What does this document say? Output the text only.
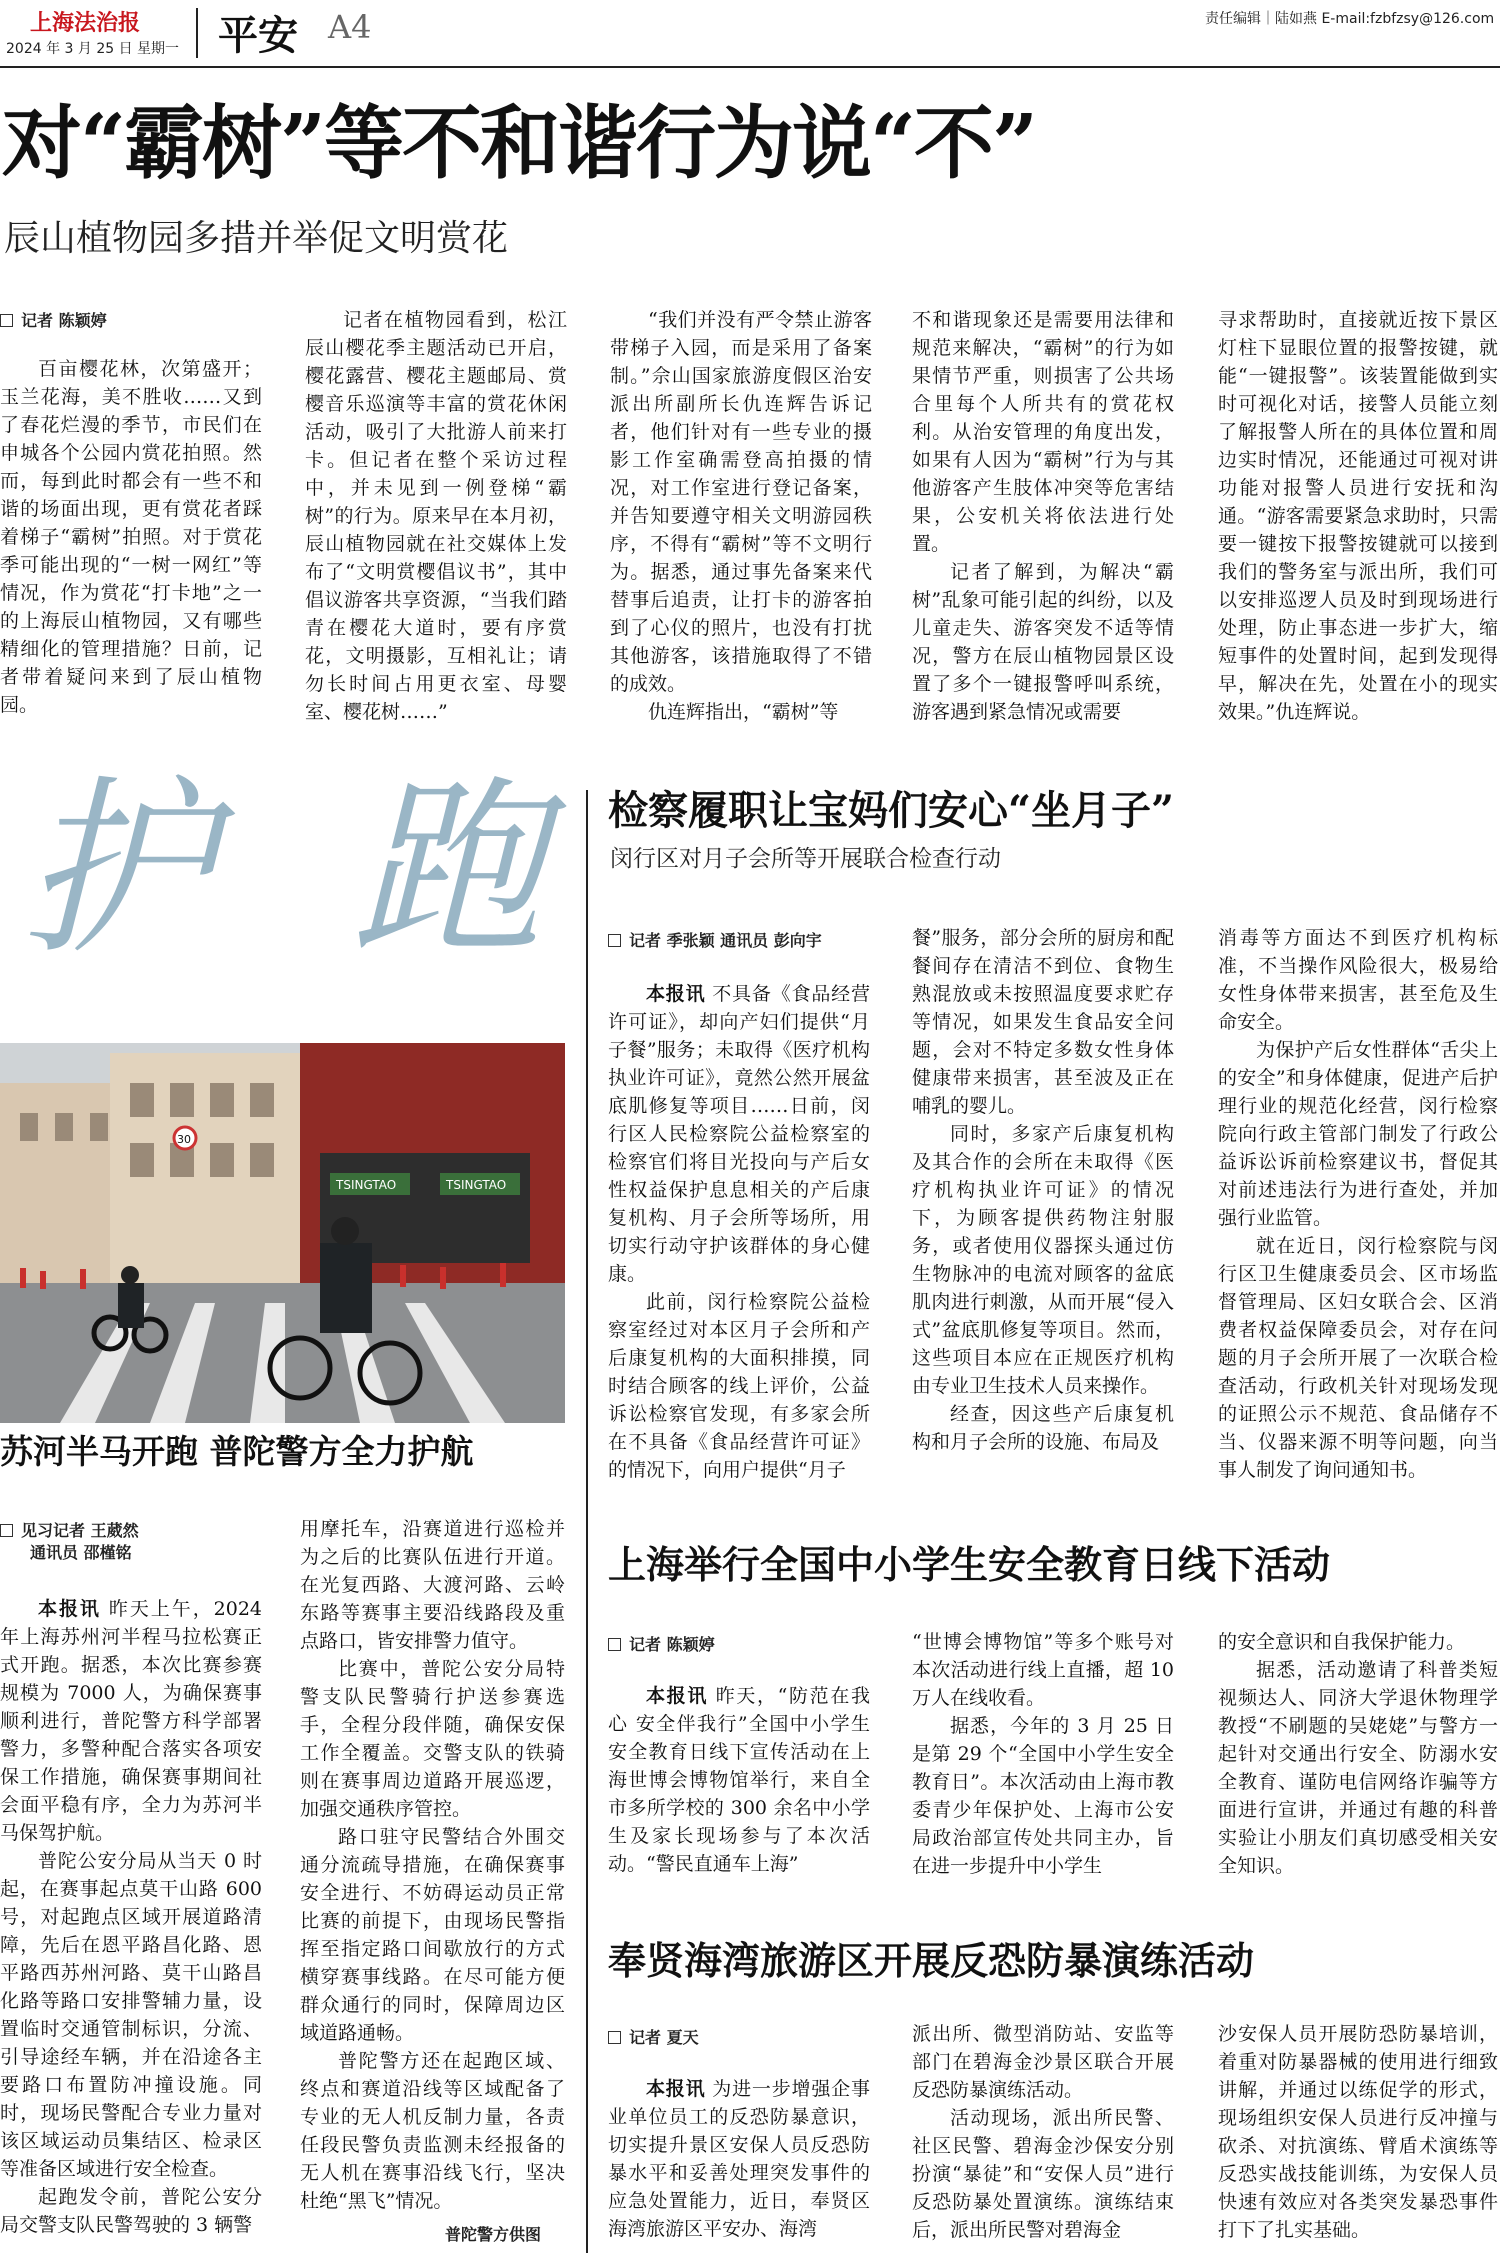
上海法治报
2024 年 3 月 25 日 星期一 平安 A4	责任编辑｜陆如燕 E-mail:fzbfzsy@126.com
对“霸树”等不和谐行为说“不”
辰山植物园多措并举促文明赏花
记者 陈颖婷

百亩樱花林，次第盛开；玉兰花海，美不胜收……又到了春花烂漫的季节，市民们在申城各个公园内赏花拍照。然而，每到此时都会有一些不和谐的场面出现，更有赏花者踩着梯子“霸树”拍照。对于赏花季可能出现的“一树一网红”等情况，作为赏花“打卡地”之一的上海辰山植物园，又有哪些精细化的管理措施？日前，记者带着疑问来到了辰山植物园。

记者在植物园看到，松江辰山樱花季主题活动已开启，樱花露营、樱花主题邮局、赏樱音乐巡演等丰富的赏花休闲活动，吸引了大批游人前来打卡。但记者在整个采访过程中，并未见到一例登梯“霸树”的行为。原来早在本月初，辰山植物园就在社交媒体上发布了“文明赏樱倡议书”，其中倡议游客共享资源，“当我们踏青在樱花大道时，要有序赏花，文明摄影，互相礼让；请勿长时间占用更衣室、母婴室、樱花树……”

“我们并没有严令禁止游客带梯子入园，而是采用了备案制。”佘山国家旅游度假区治安派出所副所长仇连辉告诉记者，他们针对有一些专业的摄影工作室确需登高拍摄的情况，对工作室进行登记备案，并告知要遵守相关文明游园秩序，不得有“霸树”等不文明行为。据悉，通过事先备案来代替事后追责，让打卡的游客拍到了心仪的照片，也没有打扰其他游客，该措施取得了不错的成效。

仇连辉指出，“霸树”等

不和谐现象还是需要用法律和规范来解决，“霸树”的行为如果情节严重，则损害了公共场合里每个人所共有的赏花权利。从治安管理的角度出发，如果有人因为“霸树”行为与其他游客产生肢体冲突等危害结果，公安机关将依法进行处置。

记者了解到，为解决“霸树”乱象可能引起的纠纷，以及儿童走失、游客突发不适等情况，警方在辰山植物园景区设置了多个一键报警呼叫系统，游客遇到紧急情况或需要

寻求帮助时，直接就近按下景区灯柱下显眼位置的报警按键，就能“一键报警”。该装置能做到实时可视化对话，接警人员能立刻了解报警人所在的具体位置和周边实时情况，还能通过可视对讲功能对报警人员进行安抚和沟通。“游客需要紧急求助时，只需要一键按下报警按键就可以接到我们的警务室与派出所，我们可以安排巡逻人员及时到现场进行处理，防止事态进一步扩大，缩短事件的处置时间，起到发现得早，解决在先，处置在小的现实效果。”仇连辉说。

护 跑
TSINGTAO	TSINGTAO
30
苏河半马开跑 普陀警方全力护航
见习记者 王葳然
通讯员 邵槿铭

本报讯 昨天上午，2024年上海苏州河半程马拉松赛正式开跑。据悉，本次比赛参赛规模为 7000 人，为确保赛事顺利进行，普陀警方科学部署警力，多警种配合落实各项安保工作措施，确保赛事期间社会面平稳有序，全力为苏河半马保驾护航。

普陀公安分局从当天 0 时起，在赛事起点莫干山路 600 号，对起跑点区域开展道路清障，先后在恩平路昌化路、恩平路西苏州河路、莫干山路昌化路等路口安排警辅力量，设置临时交通管制标识，分流、引导途经车辆，并在沿途各主要路口布置防冲撞设施。同时，现场民警配合专业力量对该区域运动员集结区、检录区等准备区域进行安全检查。

起跑发令前，普陀公安分局交警支队民警驾驶的 3 辆警

用摩托车，沿赛道进行巡检并为之后的比赛队伍进行开道。在光复西路、大渡河路、云岭东路等赛事主要沿线路段及重点路口，皆安排警力值守。

比赛中，普陀公安分局特警支队民警骑行护送参赛选手，全程分段伴随，确保安保工作全覆盖。交警支队的铁骑则在赛事周边道路开展巡逻，加强交通秩序管控。

路口驻守民警结合外围交通分流疏导措施，在确保赛事安全进行、不妨碍运动员正常比赛的前提下，由现场民警指挥至指定路口间歇放行的方式横穿赛事线路。在尽可能方便群众通行的同时，保障周边区域道路通畅。

普陀警方还在起跑区域、终点和赛道沿线等区域配备了专业的无人机反制力量，各责任段民警负责监测未经报备的无人机在赛事沿线飞行，坚决杜绝“黑飞”情况。

普陀警方供图
检察履职让宝妈们安心“坐月子”
闵行区对月子会所等开展联合检查行动
记者 季张颖 通讯员 彭向宇

本报讯 不具备《食品经营许可证》，却向产妇们提供“月子餐”服务；未取得《医疗机构执业许可证》，竟然公然开展盆底肌修复等项目……日前，闵行区人民检察院公益检察室的检察官们将目光投向与产后女性权益保护息息相关的产后康复机构、月子会所等场所，用切实行动守护该群体的身心健康。

此前，闵行检察院公益检察室经过对本区月子会所和产后康复机构的大面积排摸，同时结合顾客的线上评价，公益诉讼检察官发现，有多家会所在不具备《食品经营许可证》的情况下，向用户提供“月子

餐”服务，部分会所的厨房和配餐间存在清洁不到位、食物生熟混放或未按照温度要求贮存等情况，如果发生食品安全问题，会对不特定多数女性身体健康带来损害，甚至波及正在哺乳的婴儿。

同时，多家产后康复机构及其合作的会所在未取得《医疗机构执业许可证》的情况下，为顾客提供药物注射服务，或者使用仪器探头通过仿生物脉冲的电流对顾客的盆底肌肉进行刺激，从而开展“侵入式”盆底肌修复等项目。然而，这些项目本应在正规医疗机构由专业卫生技术人员来操作。

经查，因这些产后康复机构和月子会所的设施、布局及

消毒等方面达不到医疗机构标准，不当操作风险很大，极易给女性身体带来损害，甚至危及生命安全。

为保护产后女性群体“舌尖上的安全”和身体健康，促进产后护理行业的规范化经营，闵行检察院向行政主管部门制发了行政公益诉讼诉前检察建议书，督促其对前述违法行为进行查处，并加强行业监管。

就在近日，闵行检察院与闵行区卫生健康委员会、区市场监督管理局、区妇女联合会、区消费者权益保障委员会，对存在问题的月子会所开展了一次联合检查活动，行政机关针对现场发现的证照公示不规范、食品储存不当、仪器来源不明等问题，向当事人制发了询问通知书。

上海举行全国中小学生安全教育日线下活动
记者 陈颖婷

本报讯 昨天，“防范在我心 安全伴我行”全国中小学生安全教育日线下宣传活动在上海世博会博物馆举行，来自全市多所学校的 300 余名中小学生及家长现场参与了本次活动。“警民直通车上海”

“世博会博物馆”等多个账号对本次活动进行线上直播，超 10 万人在线收看。

据悉，今年的 3 月 25 日是第 29 个“全国中小学生安全教育日”。本次活动由上海市教委青少年保护处、上海市公安局政治部宣传处共同主办，旨在进一步提升中小学生

的安全意识和自我保护能力。

据悉，活动邀请了科普类短视频达人、同济大学退休物理学教授“不刷题的吴姥姥”与警方一起针对交通出行安全、防溺水安全教育、谨防电信网络诈骗等方面进行宣讲，并通过有趣的科普实验让小朋友们真切感受相关安全知识。

奉贤海湾旅游区开展反恐防暴演练活动
记者 夏天

本报讯 为进一步增强企事业单位员工的反恐防暴意识，切实提升景区安保人员反恐防暴水平和妥善处理突发事件的应急处置能力，近日，奉贤区海湾旅游区平安办、海湾

派出所、微型消防站、安监等部门在碧海金沙景区联合开展反恐防暴演练活动。

活动现场，派出所民警、社区民警、碧海金沙保安分别扮演“暴徒”和“安保人员”进行反恐防暴处置演练。演练结束后，派出所民警对碧海金

沙安保人员开展防恐防暴培训，着重对防暴器械的使用进行细致讲解，并通过以练促学的形式，现场组织安保人员进行反冲撞与砍杀、对抗演练、臂盾术演练等反恐实战技能训练，为安保人员快速有效应对各类突发暴恐事件打下了扎实基础。
